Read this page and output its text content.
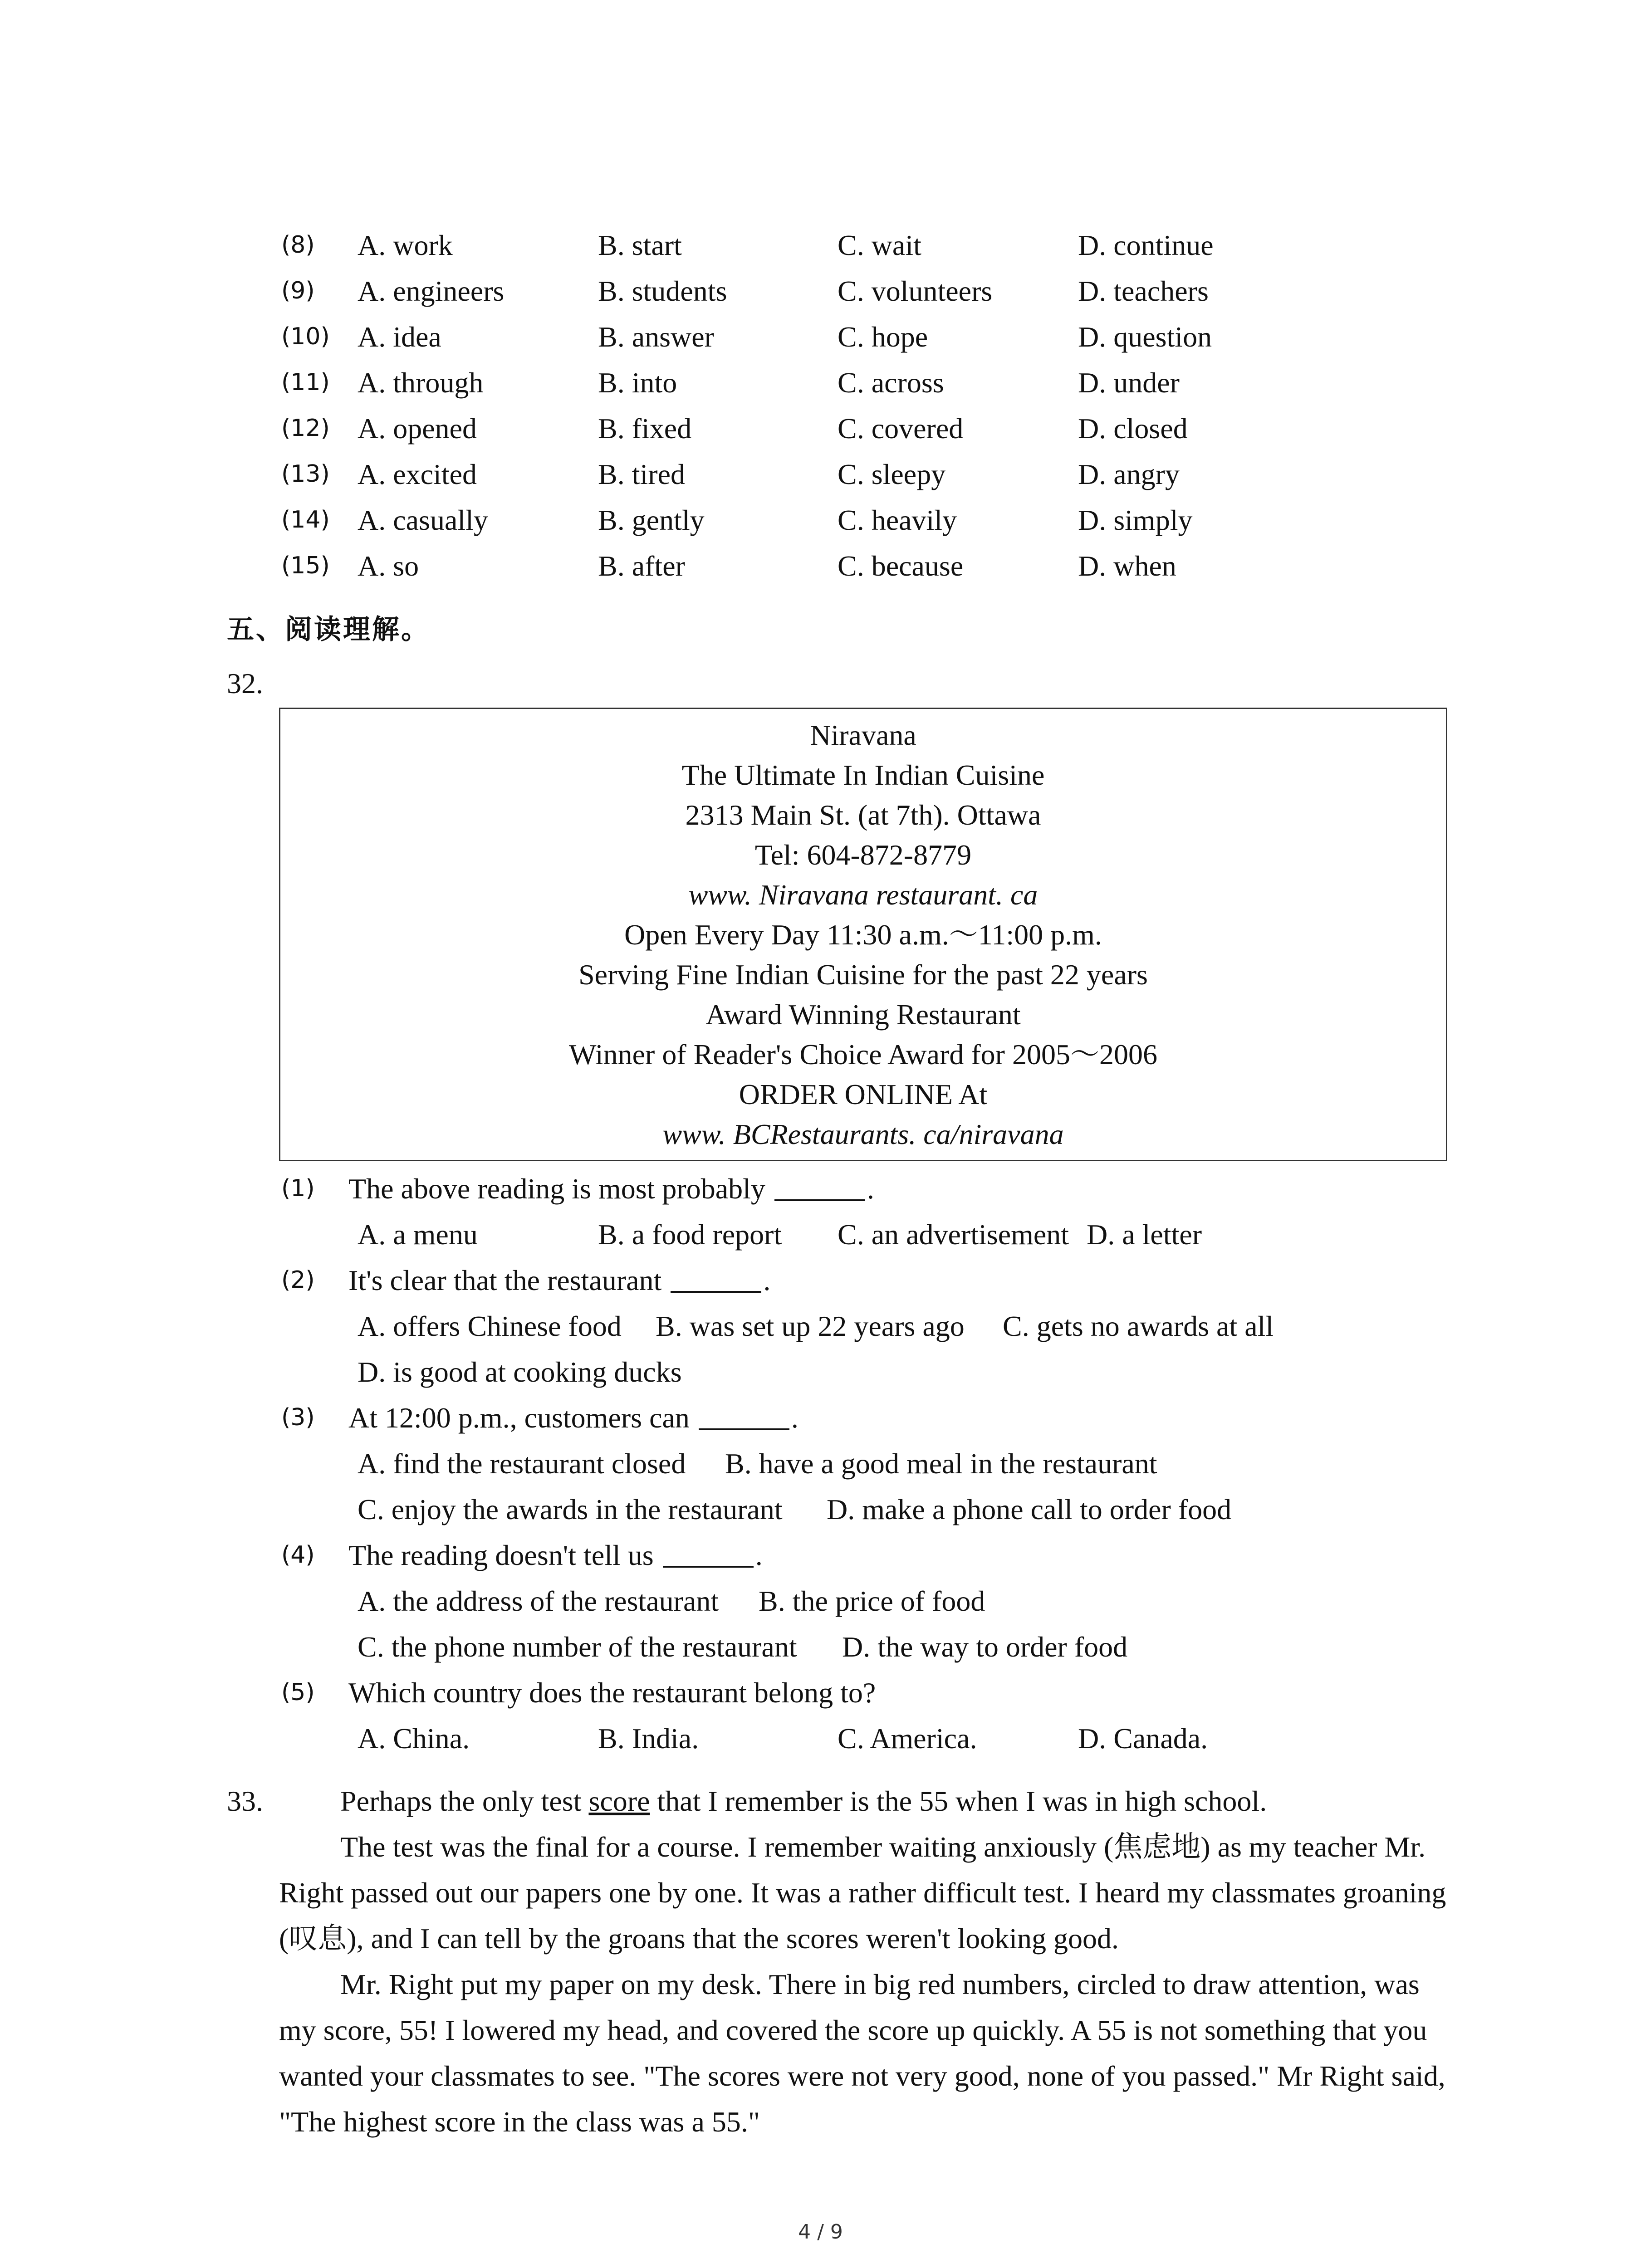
(8)	A. work	B. start	C. wait	D. continue
(9)	A. engineers	B. students	C. volunteers	D. teachers
(10) A. idea	B. answer	C. hope	D. question
(11) A. through	B. into	C. across	D. under
(12) A. opened	B. fixed	C. covered	D. closed
(13) A. excited	B. tired	C. sleepy	D. angry
(14) A. casually	B. gently	C. heavily	D. simply
(15) A. so	B. after	C. because	D. when
五、阅读理解。
32.
Niravana
The Ultimate In Indian Cuisine
2313 Main St. (at 7th). Ottawa
Tel: 604-872-8779
www. Niravana restaurant. ca
Open Every Day 11:30 a.m.～11:00 p.m.
Serving Fine Indian Cuisine for the past 22 years
Award Winning Restaurant
Winner of Reader's Choice Award for 2005～2006
ORDER ONLINE At
www. BCRestaurants. ca/niravana
(1) The above reading is most probably	.
A. a menu	B. a food report C. an advertisement D. a letter
(2) It's clear that the restaurant	.
A. offers Chinese food B. was set up 22 years ago C. gets no awards at all
D. is good at cooking ducks
(3) At 12:00 p.m., customers can	.
A. find the restaurant closed B. have a good meal in the restaurant
C. enjoy the awards in the restaurant D. make a phone call to order food
(4) The reading doesn't tell us	.
A. the address of the restaurant B. the price of food
C. the phone number of the restaurant D. the way to order food
(5) Which country does the restaurant belong to?
A. China.	B. India.	C. America.	D. Canada.
33.	Perhaps the only test score that I remember is the 55 when I was in high school.

The test was the final for a course. I remember waiting anxiously (焦虑地) as my teacher Mr. Right passed out our papers one by one. It was a rather difficult test. I heard my classmates groaning (叹息), and I can tell by the groans that the scores weren't looking good.

Mr. Right put my paper on my desk. There in big red numbers, circled to draw attention, was my score, 55! I lowered my head, and covered the score up quickly. A 55 is not something that you wanted your classmates to see. "The scores were not very good, none of you passed." Mr Right said, "The highest score in the class was a 55."

4 / 9
